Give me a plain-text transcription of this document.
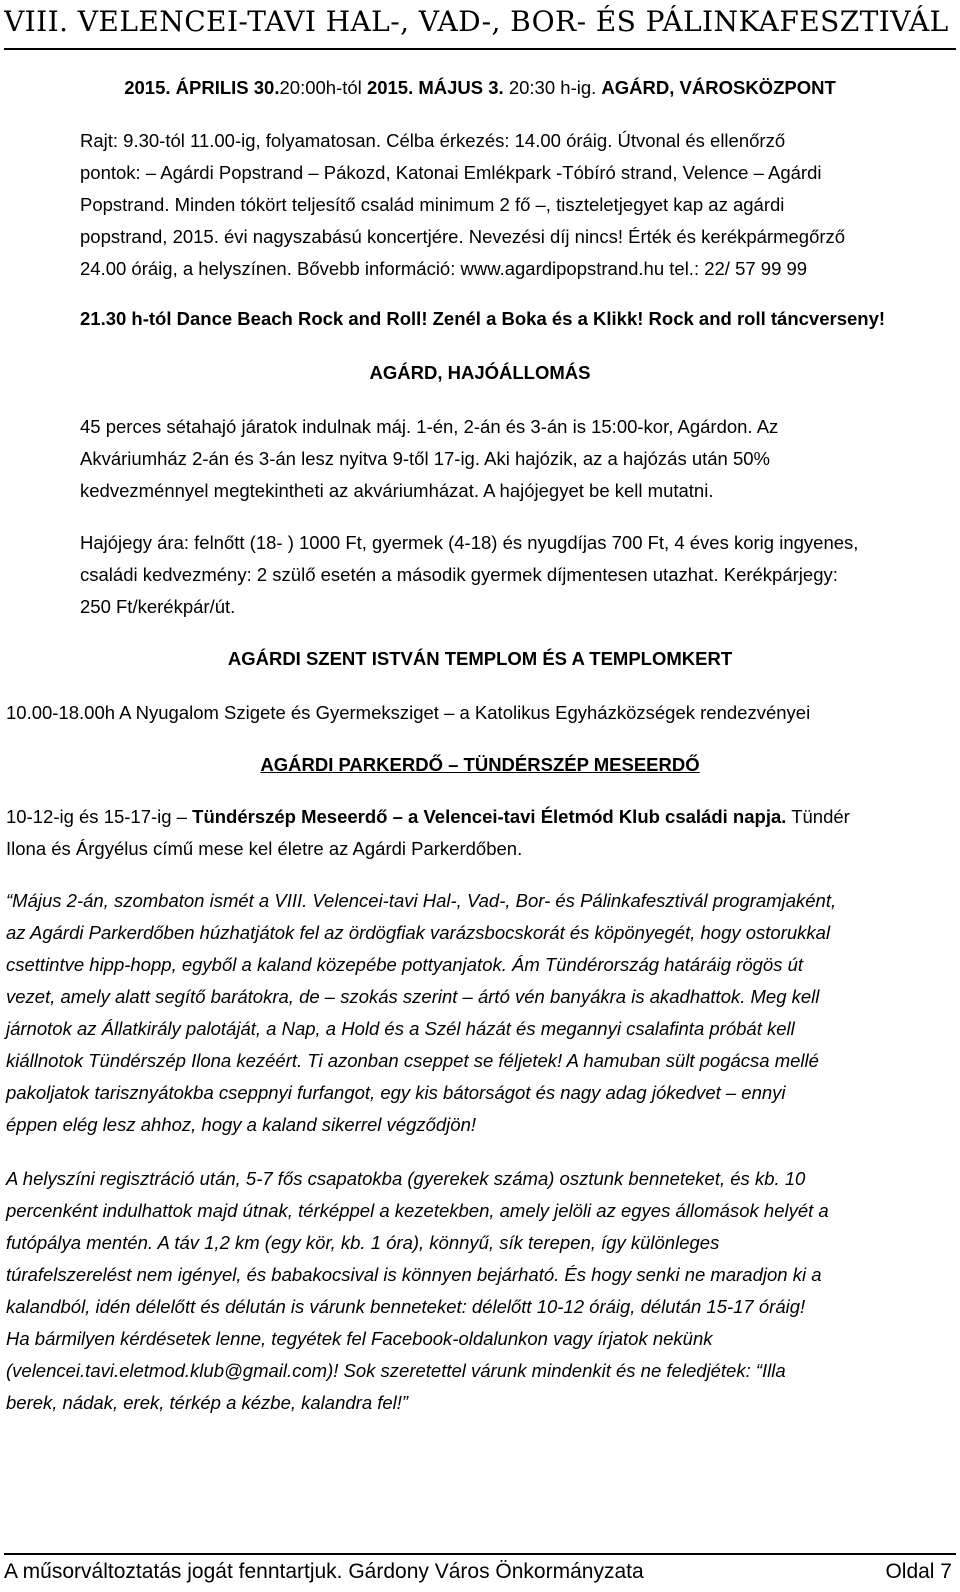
VIII. VELENCEI-TAVI HAL-, VAD-, BOR- ÉS PÁLINKAFESZTIVÁL
2015. ÁPRILIS 30.20:00h-tól 2015. MÁJUS 3. 20:30 h-ig. AGÁRD, VÁROSKÖZPONT
Rajt: 9.30-tól 11.00-ig, folyamatosan. Célba érkezés: 14.00 óráig. Útvonal és ellenőrző
pontok: – Agárdi Popstrand – Pákozd, Katonai Emlékpark -Tóbíró strand, Velence – Agárdi
Popstrand. Minden tókört teljesítő család minimum 2 fő –, tiszteletjegyet kap az agárdi
popstrand, 2015. évi nagyszabású koncertjére. Nevezési díj nincs! Érték és kerékpármegőrző
24.00 óráig, a helyszínen. Bővebb információ: www.agardipopstrand.hu tel.: 22/ 57 99 99
21.30 h-tól Dance Beach Rock and Roll! Zenél a Boka és a Klikk! Rock and roll táncverseny!
AGÁRD, HAJÓÁLLOMÁS
45 perces sétahajó járatok indulnak máj. 1-én, 2-án és 3-án is 15:00-kor, Agárdon. Az
Akváriumház 2-án és 3-án lesz nyitva 9-től 17-ig. Aki hajózik, az a hajózás után 50%
kedvezménnyel megtekintheti az akváriumházat. A hajójegyet be kell mutatni.
Hajójegy ára: felnőtt (18- ) 1000 Ft, gyermek (4-18) és nyugdíjas 700 Ft, 4 éves korig ingyenes,
családi kedvezmény: 2 szülő esetén a második gyermek díjmentesen utazhat. Kerékpárjegy:
250 Ft/kerékpár/út.
AGÁRDI SZENT ISTVÁN TEMPLOM ÉS A TEMPLOMKERT
10.00-18.00h A Nyugalom Szigete és Gyermeksziget – a Katolikus Egyházközségek rendezvényei
AGÁRDI PARKERDŐ – TÜNDÉRSZÉP MESEERDŐ
10-12-ig és 15-17-ig – Tündérszép Meseerdő – a Velencei-tavi Életmód Klub családi napja. Tündér
Ilona és Árgyélus című mese kel életre az Agárdi Parkerdőben.
“Május 2-án, szombaton ismét a VIII. Velencei-tavi Hal-, Vad-, Bor- és Pálinkafesztivál programjaként,
az Agárdi Parkerdőben húzhatjátok fel az ördögfiak varázsbocskorát és köpönyegét, hogy ostorukkal
csettintve hipp-hopp, egyből a kaland közepébe pottyanjatok. Ám Tündérország határáig rögös út
vezet, amely alatt segítő barátokra, de – szokás szerint – ártó vén banyákra is akadhattok. Meg kell
járnotok az Állatkirály palotáját, a Nap, a Hold és a Szél házát és megannyi csalafinta próbát kell
kiállnotok Tündérszép Ilona kezéért. Ti azonban cseppet se féljetek! A hamuban sült pogácsa mellé
pakoljatok tarisznyátokba cseppnyi furfangot, egy kis bátorságot és nagy adag jókedvet – ennyi
éppen elég lesz ahhoz, hogy a kaland sikerrel végződjön!
A helyszíni regisztráció után, 5-7 fős csapatokba (gyerekek száma) osztunk benneteket, és kb. 10
percenként indulhattok majd útnak, térképpel a kezetekben, amely jelöli az egyes állomások helyét a
futópálya mentén. A táv 1,2 km (egy kör, kb. 1 óra), könnyű, sík terepen, így különleges
túrafelszerelést nem igényel, és babakocsival is könnyen bejárható. És hogy senki ne maradjon ki a
kalandból, idén délelőtt és délután is várunk benneteket: délelőtt 10-12 óráig, délután 15-17 óráig!
Ha bármilyen kérdésetek lenne, tegyétek fel Facebook-oldalunkon vagy írjatok nekünk
(velencei.tavi.eletmod.klub@gmail.com)! Sok szeretettel várunk mindenkit és ne feledjétek: “Illa
berek, nádak, erek, térkép a kézbe, kalandra fel!”
A műsorváltoztatás jogát fenntartjuk. Gárdony Város Önkormányzata	Oldal 7
